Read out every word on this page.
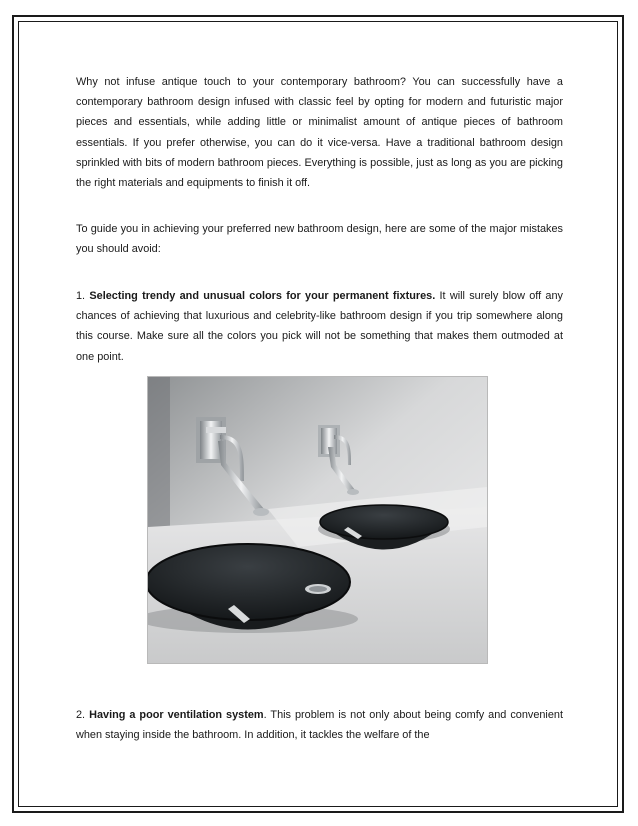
Why not infuse antique touch to your contemporary bathroom? You can successfully have a contemporary bathroom design infused with classic feel by opting for modern and futuristic major pieces and essentials, while adding little or minimalist amount of antique pieces of bathroom essentials. If you prefer otherwise, you can do it vice-versa. Have a traditional bathroom design sprinkled with bits of modern bathroom pieces. Everything is possible, just as long as you are picking the right materials and equipments to finish it off.

To guide you in achieving your preferred new bathroom design, here are some of the major mistakes you should avoid:

1. Selecting trendy and unusual colors for your permanent fixtures. It will surely blow off any chances of achieving that luxurious and celebrity-like bathroom design if you trip somewhere along this course. Make sure all the colors you pick will not be something that makes them outmoded at one point.

2. Having a poor ventilation system. This problem is not only about being comfy and convenient when staying inside the bathroom. In addition, it tackles the welfare of the
